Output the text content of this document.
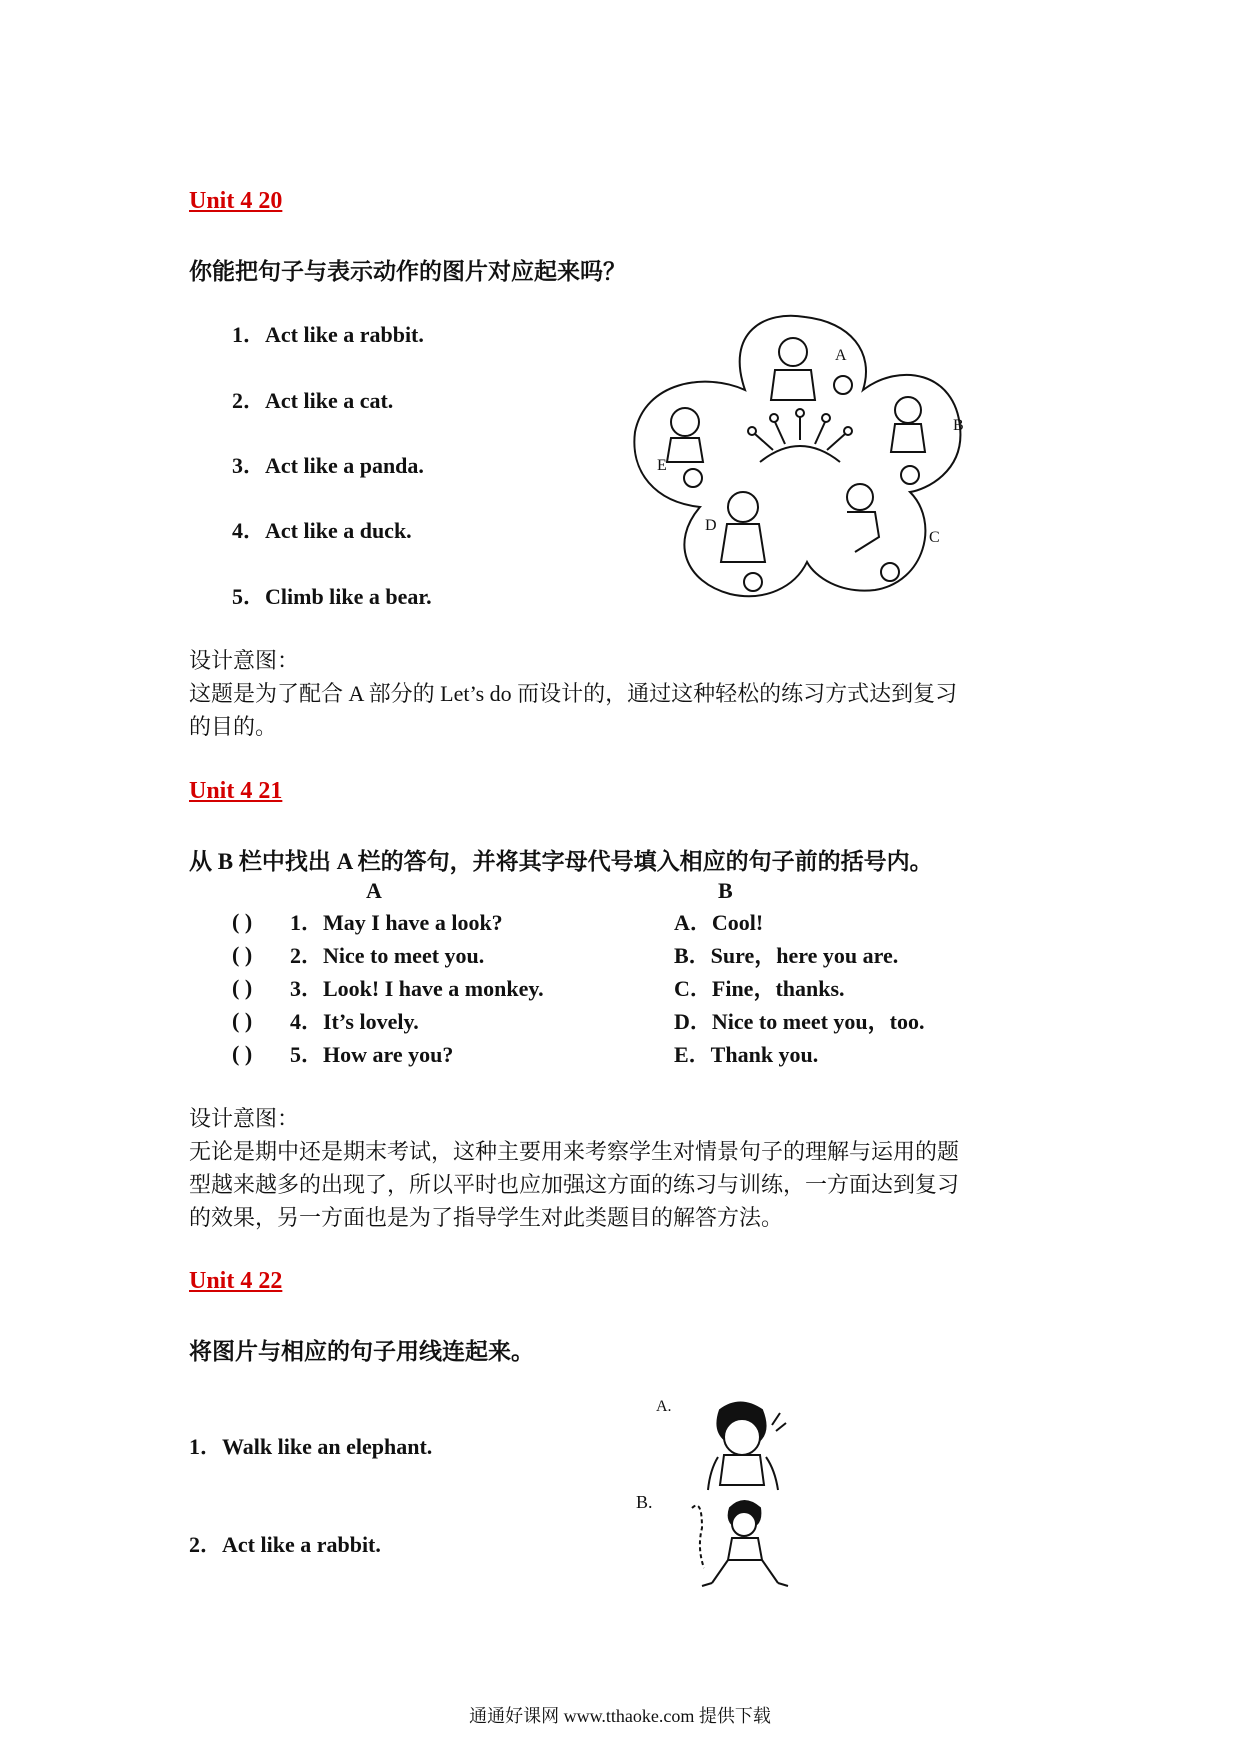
Unit 4 20
你能把句子与表示动作的图片对应起来吗？
1．Act like a rabbit.
2．Act like a cat.
3．Act like a panda.
4．Act like a duck.
5．Climb like a bear.
A
B
C
D
E
设计意图：
这题是为了配合 A 部分的 Let’s do 而设计的，通过这种轻松的练习方式达到复习
的目的。
Unit 4 21
从 B 栏中找出 A 栏的答句，并将其字母代号填入相应的句子前的括号内。
A	B
( )	1．May I have a look?	A．Cool!
( )	2．Nice to meet you.	B．Sure，here you are.
( )	3．Look! I have a monkey.	C．Fine，thanks.
( )	4．It’s lovely.	D．Nice to meet you，too.
( )	5．How are you?	E．Thank you.
设计意图：
无论是期中还是期末考试，这种主要用来考察学生对情景句子的理解与运用的题
型越来越多的出现了，所以平时也应加强这方面的练习与训练，一方面达到复习
的效果，另一方面也是为了指导学生对此类题目的解答方法。
Unit 4 22
将图片与相应的句子用线连起来。
1．Walk like an elephant.
2．Act like a rabbit.
A.
B.
通通好课网 www.tthaoke.com 提供下载
